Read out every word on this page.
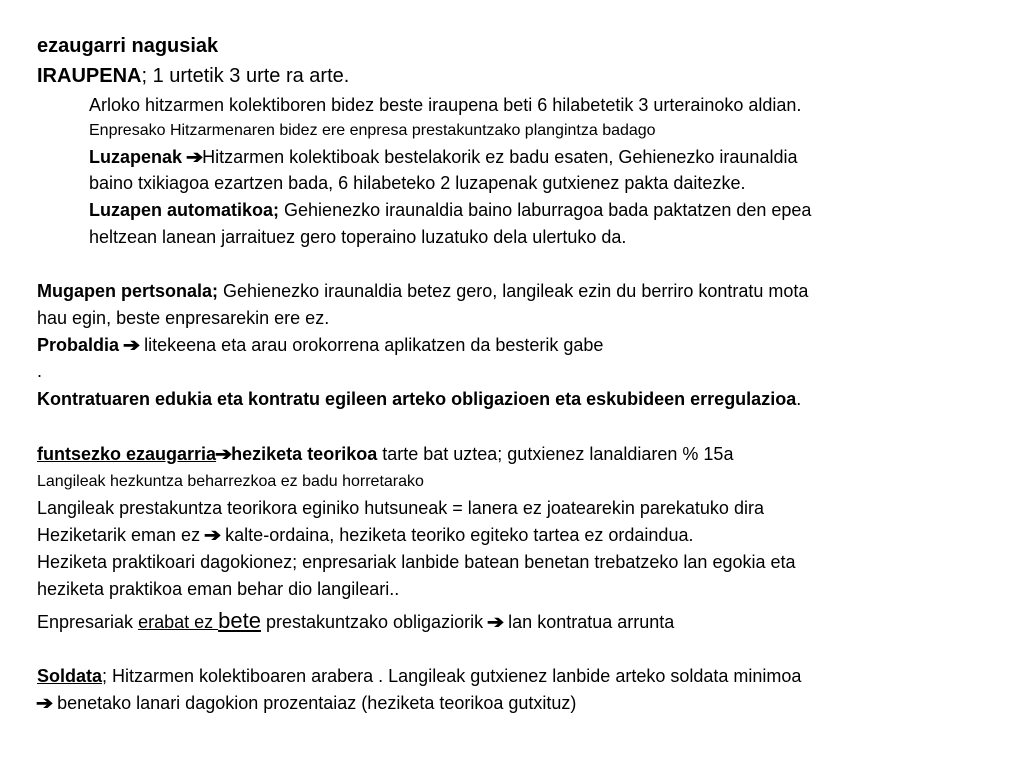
ezaugarri nagusiak
IRAUPENA; 1 urtetik 3 urte ra arte.
Arloko hitzarmen kolektiboren bidez beste iraupena beti 6 hilabetetik 3 urterainoko aldian.
Enpresako Hitzarmenaren bidez ere enpresa prestakuntzako plangintza badago
Luzapenak ➔Hitzarmen kolektiboak bestelakorik ez badu esaten, Gehienezko iraunaldia
baino txikiagoa ezartzen bada, 6 hilabeteko 2 luzapenak gutxienez pakta daitezke.
Luzapen automatikoa; Gehienezko iraunaldia baino laburragoa bada paktatzen den epea
heltzean lanean jarraituez gero toperaino luzatuko dela ulertuko da.
Mugapen pertsonala; Gehienezko iraunaldia betez gero, langileak ezin du berriro kontratu mota
hau egin, beste enpresarekin ere ez.
Probaldia ➔ litekeena eta arau orokorrena aplikatzen da besterik gabe
.
Kontratuaren edukia eta kontratu egileen arteko obligazioen eta eskubideen erregulazioa.
funtsezko ezaugarria➔heziketa teorikoa tarte bat uztea; gutxienez lanaldiaren % 15a
Langileak hezkuntza beharrezkoa ez badu horretarako
Langileak prestakuntza teorikora eginiko hutsuneak = lanera ez joatearekin parekatuko dira
Heziketarik eman ez ➔ kalte-ordaina, heziketa teoriko egiteko tartea ez ordaindua.
Heziketa praktikoari dagokionez; enpresariak lanbide batean benetan trebatzeko lan egokia eta
heziketa praktikoa eman behar dio langileari..
Enpresariak erabat ez bete prestakuntzako obligaziorik ➔ lan kontratua arrunta
Soldata; Hitzarmen kolektiboaren arabera . Langileak gutxienez lanbide arteko soldata minimoa
➔ benetako lanari dagokion prozentaiaz (heziketa teorikoa gutxituz)
